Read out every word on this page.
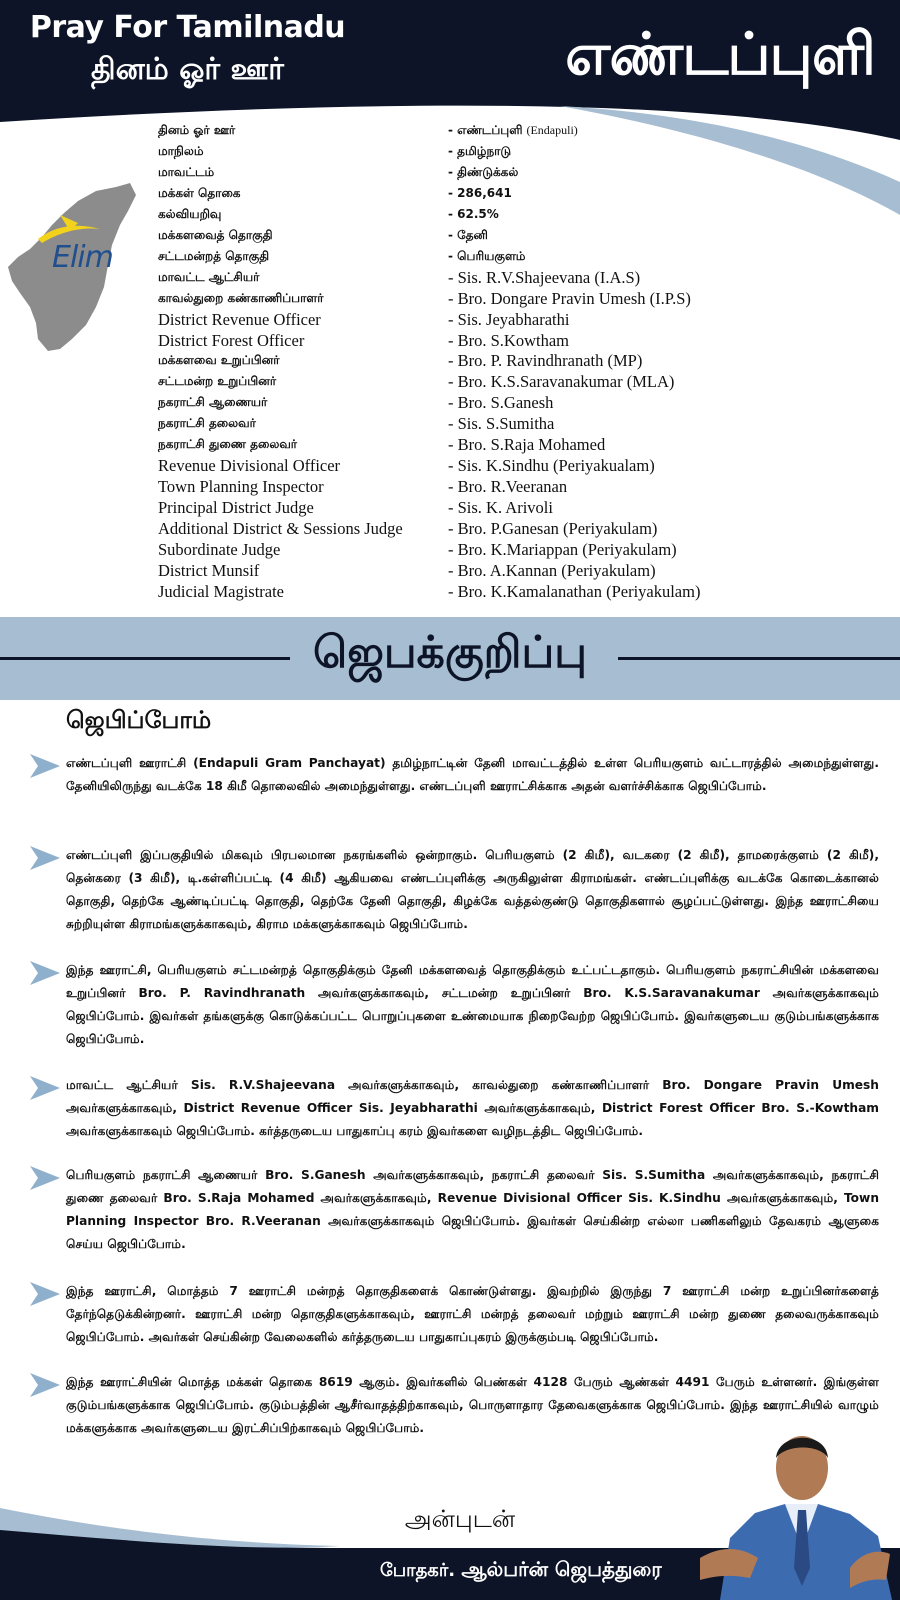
Pray For Tamilnadu
தினம் ஓர் ஊர்	எண்டப்புளி
Elim
தினம் ஓர் ஊர்	- எண்டப்புளி (Endapuli)
மாநிலம்	- தமிழ்நாடு
மாவட்டம்	- திண்டுக்கல்
மக்கள் தொகை	- 286,641
கல்வியறிவு	- 62.5%
மக்களவைத் தொகுதி	- தேனி
சட்டமன்றத் தொகுதி	- பெரியகுளம்
மாவட்ட ஆட்சியர்	- Sis. R.V.Shajeevana (I.A.S)
காவல்துறை கண்காணிப்பாளர்	- Bro. Dongare Pravin Umesh (I.P.S)
District Revenue Officer	- Sis. Jeyabharathi
District Forest Officer	- Bro. S.Kowtham
மக்களவை உறுப்பினர்	- Bro. P. Ravindhranath (MP)
சட்டமன்ற உறுப்பினர்	- Bro. K.S.Saravanakumar (MLA)
நகராட்சி ஆணையர்	- Bro. S.Ganesh
நகராட்சி தலைவர்	- Sis. S.Sumitha
நகராட்சி துணை தலைவர்	- Bro. S.Raja Mohamed
Revenue Divisional Officer	- Sis. K.Sindhu (Periyakualam)
Town Planning Inspector	- Bro. R.Veeranan
Principal District Judge	- Sis. K. Arivoli
Additional District & Sessions Judge	- Bro. P.Ganesan (Periyakulam)
Subordinate Judge	- Bro. K.Mariappan (Periyakulam)
District Munsif	- Bro. A.Kannan (Periyakulam)
Judicial Magistrate	- Bro. K.Kamalanathan (Periyakulam)
ஜெபக்குறிப்பு
ஜெபிப்போம்
எண்டப்புளி ஊராட்சி (Endapuli Gram Panchayat) தமிழ்நாட்டின் தேனி மாவட்டத்தில் உள்ள பெரியகுளம் வட்டாரத்தில் அமைந்துள்ளது. தேனியிலிருந்து வடக்கே 18 கிமீ தொலைவில் அமைந்துள்ளது. எண்டப்புளி ஊராட்சிக்காக அதன் வளர்ச்சிக்காக ஜெபிப்போம்.
எண்டப்புளி இப்பகுதியில் மிகவும் பிரபலமான நகரங்களில் ஒன்றாகும். பெரியகுளம் (2 கிமீ), வடகரை (2 கிமீ), தாமரைக்குளம் (2 கிமீ), தென்கரை (3 கிமீ), டி.கள்ளிப்பட்டி (4 கிமீ) ஆகியவை எண்டப்புளிக்கு அருகிலுள்ள கிராமங்கள். எண்டப்புளிக்கு வடக்கே கொடைக்கானல் தொகுதி, தெற்கே ஆண்டிப்பட்டி தொகுதி, தெற்கே தேனி தொகுதி, கிழக்கே வத்தல்குண்டு தொகுதிகளால் சூழப்பட்டுள்ளது. இந்த ஊராட்சியை சுற்றியுள்ள கிராமங்களுக்காகவும், கிராம மக்களுக்காகவும் ஜெபிப்போம்.
இந்த ஊராட்சி, பெரியகுளம் சட்டமன்றத் தொகுதிக்கும் தேனி மக்களவைத் தொகுதிக்கும் உட்பட்டதாகும். பெரியகுளம் நகராட்சியின் மக்களவை உறுப்பினர் Bro. P. Ravindhranath அவர்களுக்காகவும், சட்டமன்ற உறுப்பினர் Bro. K.S.Saravanakumar அவர்களுக்காகவும் ஜெபிப்போம். இவர்கள் தங்களுக்கு கொடுக்கப்பட்ட பொறுப்புகளை உண்மையாக நிறைவேற்ற ஜெபிப்போம். இவர்களுடைய குடும்பங்களுக்காக ஜெபிப்போம்.
மாவட்ட ஆட்சியர் Sis. R.V.Shajeevana அவர்களுக்காகவும், காவல்துறை கண்காணிப்பாளர் Bro. Dongare Pravin Umesh அவர்களுக்காகவும், District Revenue Officer Sis. Jeyabharathi அவர்களுக்காகவும், District Forest Officer Bro. S.-Kowtham அவர்களுக்காகவும் ஜெபிப்போம். கர்த்தருடைய பாதுகாப்பு கரம் இவர்களை வழிநடத்திட ஜெபிப்போம்.
பெரியகுளம் நகராட்சி ஆணையர் Bro. S.Ganesh அவர்களுக்காகவும், நகராட்சி தலைவர் Sis. S.Sumitha அவர்களுக்காகவும், நகராட்சி துணை தலைவர் Bro. S.Raja Mohamed அவர்களுக்காகவும், Revenue Divisional Officer Sis. K.Sindhu அவர்களுக்காகவும், Town Planning Inspector Bro. R.Veeranan அவர்களுக்காகவும் ஜெபிப்போம். இவர்கள் செய்கின்ற எல்லா பணிகளிலும் தேவகரம் ஆளுகை செய்ய ஜெபிப்போம்.
இந்த ஊராட்சி, மொத்தம் 7 ஊராட்சி மன்றத் தொகுதிகளைக் கொண்டுள்ளது. இவற்றில் இருந்து 7 ஊராட்சி மன்ற உறுப்பினர்களைத் தேர்ந்தெடுக்கின்றனர். ஊராட்சி மன்ற தொகுதிகளுக்காகவும், ஊராட்சி மன்றத் தலைவர் மற்றும் ஊராட்சி மன்ற துணை தலைவருக்காகவும் ஜெபிப்போம். அவர்கள் செய்கின்ற வேலைகளில் கர்த்தருடைய பாதுகாப்புகரம் இருக்கும்படி ஜெபிப்போம்.
இந்த ஊராட்சியின் மொத்த மக்கள் தொகை 8619 ஆகும். இவர்களில் பெண்கள் 4128 பேரும் ஆண்கள் 4491 பேரும் உள்ளனர். இங்குள்ள குடும்பங்களுக்காக ஜெபிப்போம். குடும்பத்தின் ஆசீர்வாதத்திற்காகவும், பொருளாதார தேவைகளுக்காக ஜெபிப்போம். இந்த ஊராட்சியில் வாழும் மக்களுக்காக அவர்களுடைய இரட்சிப்பிற்காகவும் ஜெபிப்போம்.
அன்புடன்
போதகர். ஆல்பர்ன் ஜெபத்துரை
